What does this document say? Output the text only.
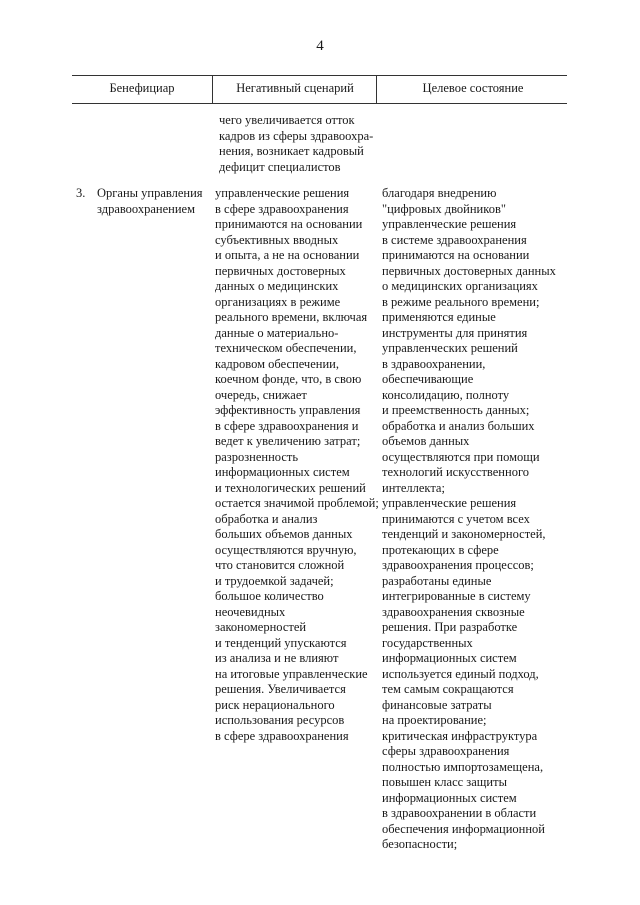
4
Бенефициар	Негативный сценарий	Целевое состояние
чего увеличивается отток
кадров из сферы здравоохра-
нения, возникает кадровый
дефицит специалистов
3. Органы управления
здравоохранением
управленческие решения
в сфере здравоохранения
принимаются на основании
субъективных вводных
и опыта, а не на основании
первичных достоверных
данных о медицинских
организациях в режиме
реального времени, включая
данные о материально-
техническом обеспечении,
кадровом обеспечении,
коечном фонде, что, в свою
очередь, снижает
эффективность управления
в сфере здравоохранения и
ведет к увеличению затрат;
разрозненность
информационных систем
и технологических решений
остается значимой проблемой;
обработка и анализ
больших объемов данных
осуществляются вручную,
что становится сложной
и трудоемкой задачей;
большое количество
неочевидных
закономерностей
и тенденций упускаются
из анализа и не влияют
на итоговые управленческие
решения. Увеличивается
риск нерационального
использования ресурсов
в сфере здравоохранения
благодаря внедрению
"цифровых двойников"
управленческие решения
в системе здравоохранения
принимаются на основании
первичных достоверных данных
о медицинских организациях
в режиме реального времени;
применяются единые
инструменты для принятия
управленческих решений
в здравоохранении,
обеспечивающие
консолидацию, полноту
и преемственность данных;
обработка и анализ больших
объемов данных
осуществляются при помощи
технологий искусственного
интеллекта;
управленческие решения
принимаются с учетом всех
тенденций и закономерностей,
протекающих в сфере
здравоохранения процессов;
разработаны единые
интегрированные в систему
здравоохранения сквозные
решения. При разработке
государственных
информационных систем
используется единый подход,
тем самым сокращаются
финансовые затраты
на проектирование;
критическая инфраструктура
сферы здравоохранения
полностью импортозамещена,
повышен класс защиты
информационных систем
в здравоохранении в области
обеспечения информационной
безопасности;
